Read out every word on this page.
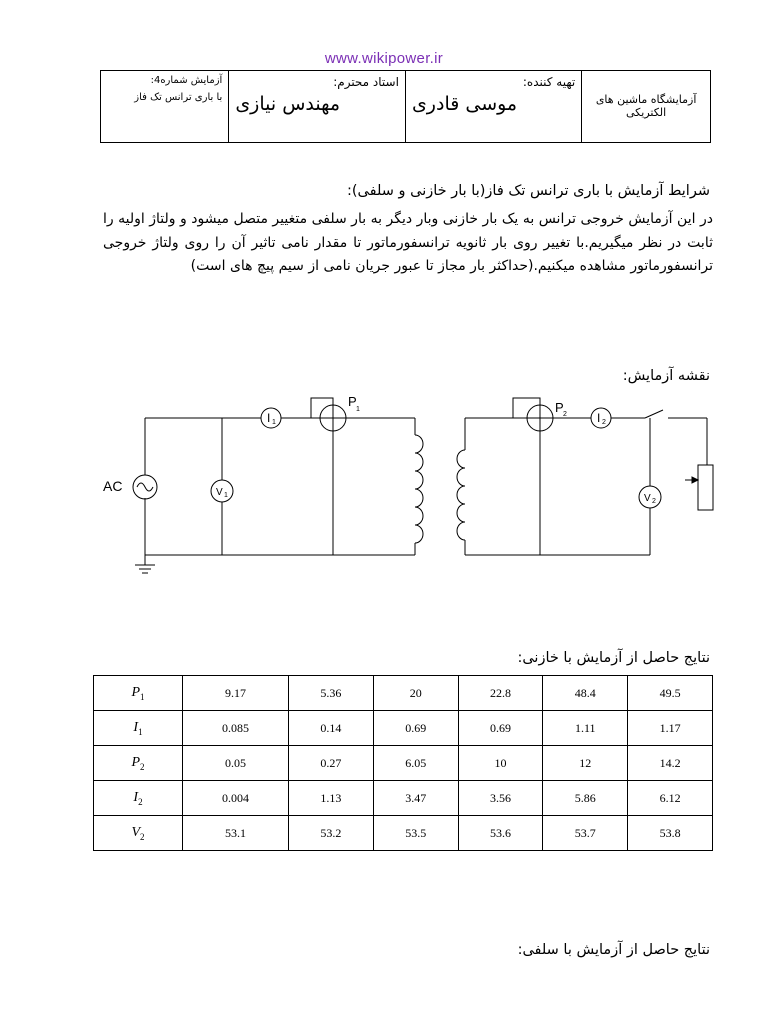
www.wikipower.ir
آزمایشگاه ماشین های الکتریکی

تهیه کننده:
موسی قادری

استاد محترم:
مهندس نیازی

آزمایش شماره4:
با باری ترانس تک فاز
شرایط آزمایش با باری ترانس تک فاز(با بار خازنی و سلفی):
در این آزمایش خروجی ترانس به یک بار خازنی وبار دیگر به بار سلفی متغییر متصل میشود و ولتاژ اولیه را ثابت در نظر میگیریم.با تغییر روی بار ثانویه ترانسفورماتور تا مقدار نامی تاثیر آن را روی ولتاژ خروجی ترانسفورماتور مشاهده میکنیم.(حداکثر بار مجاز تا عبور جریان نامی از سیم پیچ های است)
نقشه آزمایش:
AC
I 1
P
1
V 1
P 2	I 2
V 2
نتایج حاصل از آزمایش با خازنی:
$P_1$	9.17	5.36	20	22.8	48.4	49.5
$I_1$	0.085	0.14	0.69	0.69	1.11	1.17
$P_2$	0.05	0.27	6.05	10	12	14.2
$I_2$	0.004	1.13	3.47	3.56	5.86	6.12
$V_2$	53.1	53.2	53.5	53.6	53.7	53.8
نتایج حاصل از آزمایش با سلفی:
